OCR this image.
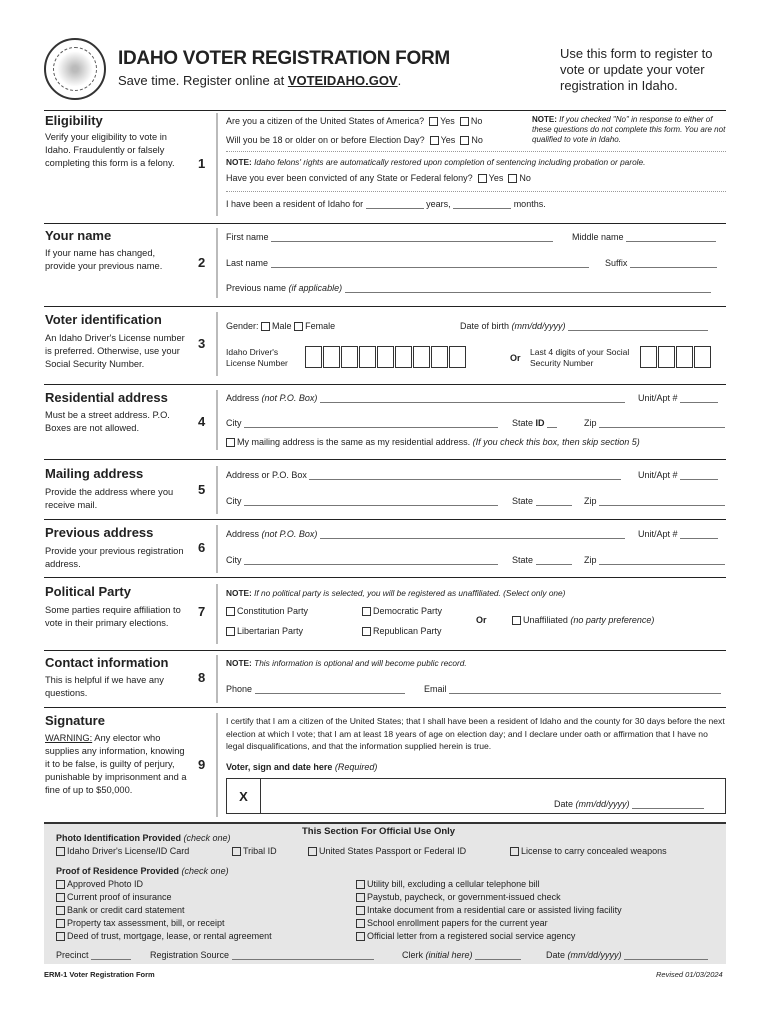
IDAHO VOTER REGISTRATION FORM
Save time. Register online at VOTEIDAHO.GOV.
Use this form to register to vote or update your voter registration in Idaho.
Eligibility
Verify your eligibility to vote in Idaho. Fraudulently or falsely completing this form is a felony.	1
Are you a citizen of the United States of America? Yes No
Will you be 18 or older on or before Election Day? Yes No
NOTE: If you checked "No" in response to either of these questions do not complete this form. You are not qualified to vote in Idaho.
NOTE: Idaho felons' rights are automatically restored upon completion of sentencing including probation or parole.
Have you ever been convicted of any State or Federal felony? Yes No
I have been a resident of Idaho for	years,	months.
Your name
If your name has changed, provide your previous name.	2
First name	Middle name
Last name	Suffix
Previous name (if applicable)
Voter identification
An Idaho Driver's License number is preferred. Otherwise, use your Social Security Number.
3
Gender: Male Female	Date of birth (mm/dd/yyyy)
Idaho Driver's License Number	Or
Last 4 digits of your Social Security Number
Residential address
Must be a street address. P.O. Boxes are not allowed.	4
Address (not P.O. Box)	Unit/Apt #
City	State ID	Zip
My mailing address is the same as my residential address. (If you check this box, then skip section 5)
Mailing address
Provide the address where you receive mail.
5
Address or P.O. Box	Unit/Apt #
City	State	Zip
Previous address
Provide your previous registration address.
6
Address (not P.O. Box)	Unit/Apt #
City	State	Zip
Political Party
Some parties require affiliation to vote in their primary elections.
7
NOTE: If no political party is selected, you will be registered as unaffiliated. (Select only one)
Constitution Party	Democratic Party
Libertarian Party	Republican Party
Or	Unaffiliated (no party preference)
Contact information
This is helpful if we have any questions.
8
NOTE: This information is optional and will become public record.
Phone	Email
Signature
WARNING: Any elector who supplies any information, knowing it to be false, is guilty of perjury, punishable by imprisonment and a fine of up to $50,000.
9
I certify that I am a citizen of the United States; that I shall have been a resident of Idaho and the county for 30 days before the next election at which I vote; that I am at least 18 years of age on election day; and I declare under oath or affirmation that I have no legal disqualifications, and that the information supplied herein is true.
Voter, sign and date here (Required)
X
Date (mm/dd/yyyy)
This Section For Official Use Only
Photo Identification Provided (check one)
Idaho Driver's License/ID Card	Tribal ID	United States Passport or Federal ID	License to carry concealed weapons
Proof of Residence Provided (check one)
Approved Photo ID
Current proof of insurance
Bank or credit card statement
Property tax assessment, bill, or receipt
Deed of trust, mortgage, lease, or rental agreement
Utility bill, excluding a cellular telephone bill
Paystub, paycheck, or government-issued check
Intake document from a residential care or assisted living facility
School enrollment papers for the current year
Official letter from a registered social service agency
Precinct	Registration Source	Clerk (initial here)	Date (mm/dd/yyyy)
ERM-1 Voter Registration Form	Revised 01/03/2024
